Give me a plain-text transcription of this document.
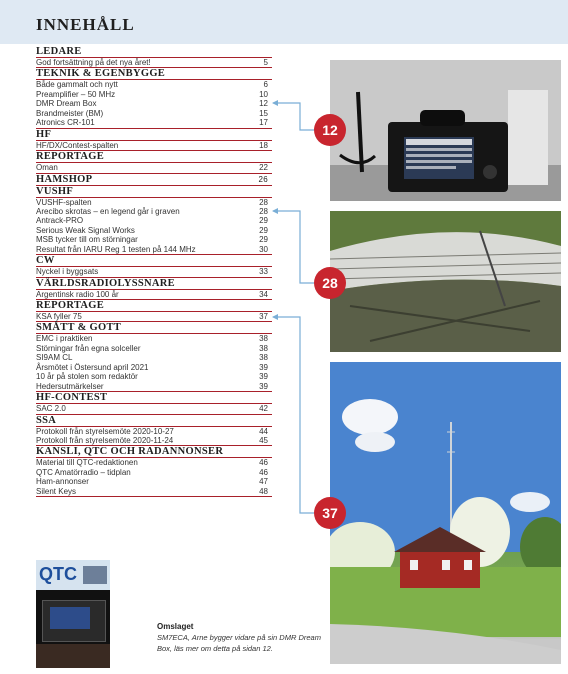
INNEHÅLL
LEDARE
God fortsättning på det nya året!	5
TEKNIK & EGENBYGGE
Både gammalt och nytt	6
Preamplifier – 50 MHz	10
DMR Dream Box	12
Brandmeister (BM)	15
Atronics CR-101	17
HF
HF/DX/Contest-spalten	18
REPORTAGE
Oman	22
HAMSHOP	26
VUSHF
VUSHF-spalten	28
Arecibo skrotas – en legend går i graven	28
Antrack-PRO	29
Serious Weak Signal Works	29
MSB tycker till om störningar	29
Resultat från IARU Reg 1 testen på 144 MHz	30
CW
Nyckel i byggsats	33
VÄRLDSRADIOLYSSNARE
Argentinsk radio 100 år	34
REPORTAGE
KSA fyller 75	37
SMÅTT & GOTT
EMC i praktiken	38
Störningar från egna solceller	38
SI9AM CL	38
Årsmötet i Östersund april 2021	39
10 år på stolen som redaktör	39
Hedersutmärkelser	39
HF-CONTEST
SAC 2.0	42
SSA
Protokoll från styrelsemöte 2020-10-27	44
Protokoll från styrelsemöte 2020-11-24	45
KANSLI, QTC OCH RADANNONSER
Material till QTC-redaktionen	46
QTC Amatörradio – tidplan	46
Ham-annonser	47
Silent Keys	48
12
28
37
QTC
Omslaget
SM7ECA, Arne bygger vidare på sin DMR Dream Box, läs mer om detta på sidan 12.
